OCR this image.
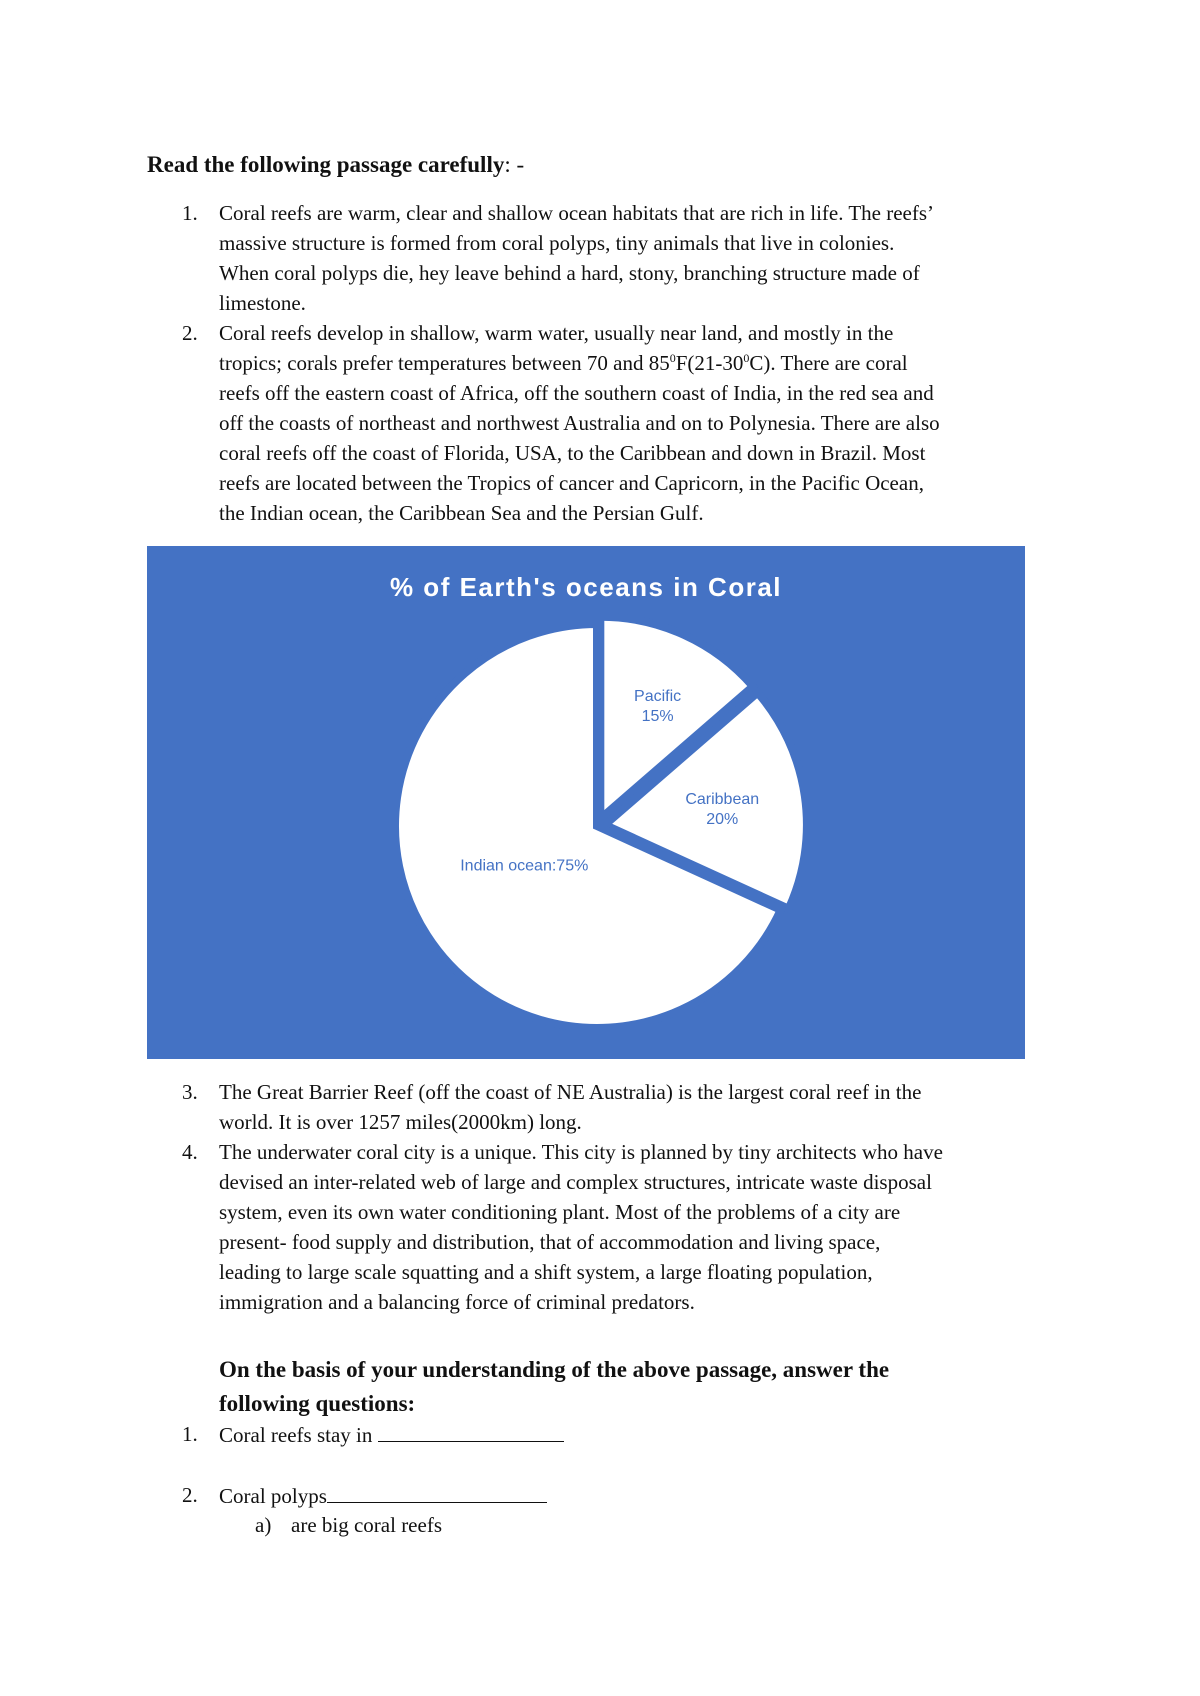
Read the following passage carefully: -
1. Coral reefs are warm, clear and shallow ocean habitats that are rich in life. The reefs’

massive structure is formed from coral polyps, tiny animals that live in colonies.

When coral polyps die, hey leave behind a hard, stony, branching structure made of

limestone.

2. Coral reefs develop in shallow, warm water, usually near land, and mostly in the

tropics; corals prefer temperatures between 70 and $85^0F(21-30^0C)$. There are coral

reefs off the eastern coast of Africa, off the southern coast of India, in the red sea and

off the coasts of northeast and northwest Australia and on to Polynesia. There are also

coral reefs off the coast of Florida, USA, to the Caribbean and down in Brazil. Most

reefs are located between the Tropics of cancer and Capricorn, in the Pacific Ocean,

the Indian ocean, the Caribbean Sea and the Persian Gulf.

% of Earth's oceans in Coral
Pacific
15%
Caribbean
20%
Indian ocean:75%
3. The Great Barrier Reef (off the coast of NE Australia) is the largest coral reef in the

world. It is over 1257 miles(2000km) long.

4. The underwater coral city is a unique. This city is planned by tiny architects who have

devised an inter-related web of large and complex structures, intricate waste disposal

system, even its own water conditioning plant. Most of the problems of a city are

present- food supply and distribution, that of accommodation and living space,

leading to large scale squatting and a shift system, a large floating population,

immigration and a balancing force of criminal predators.

On the basis of your understanding of the above passage, answer the
following questions:
1. Coral reefs stay in
2. Coral polyps
a) are big coral reefs
